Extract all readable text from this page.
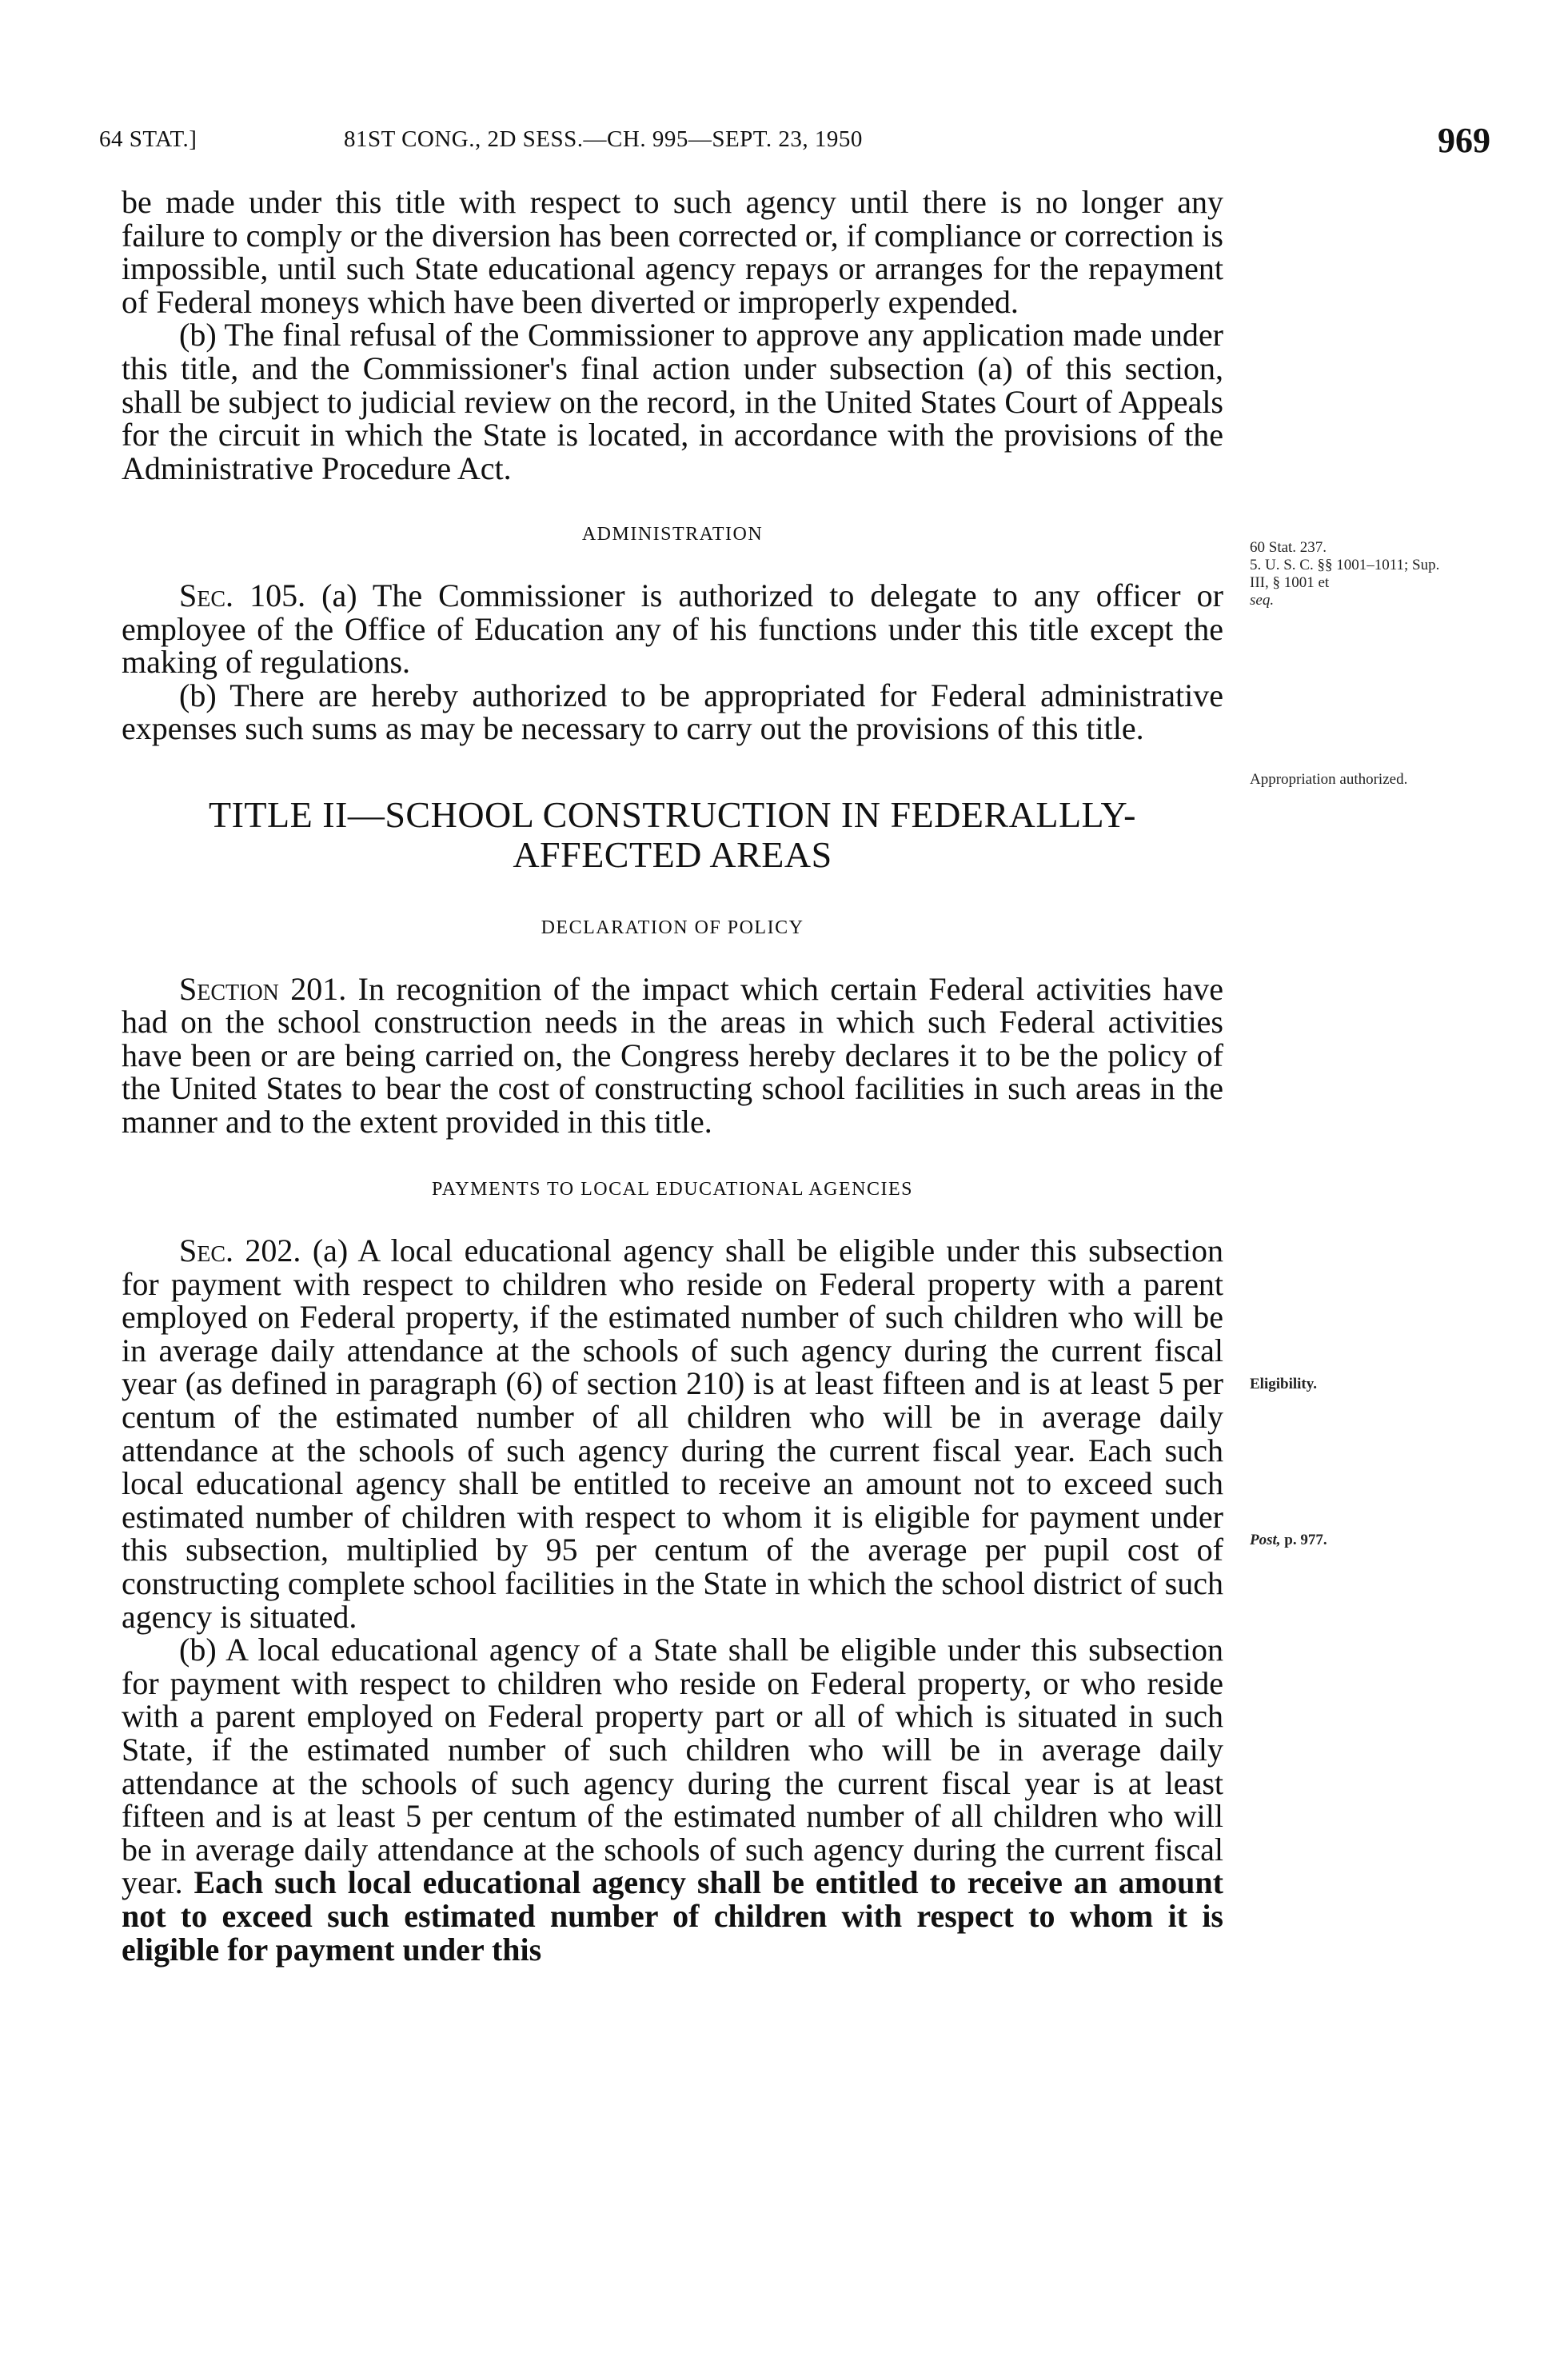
64 STAT.]	81ST CONG., 2D SESS.—CH. 995—SEPT. 23, 1950	969

be made under this title with respect to such agency until there is no longer any failure to comply or the diversion has been corrected or, if compliance or correction is impossible, until such State educational agency repays or arranges for the repayment of Federal moneys which have been diverted or improperly expended.

(b) The final refusal of the Commissioner to approve any application made under this title, and the Commissioner's final action under subsection (a) of this section, shall be subject to judicial review on the record, in the United States Court of Appeals for the circuit in which the State is located, in accordance with the provisions of the Administrative Procedure Act.

ADMINISTRATION

Sec. 105. (a) The Commissioner is authorized to delegate to any officer or employee of the Office of Education any of his functions under this title except the making of regulations.

(b) There are hereby authorized to be appropriated for Federal administrative expenses such sums as may be necessary to carry out the provisions of this title.

TITLE II—SCHOOL CONSTRUCTION IN FEDERALLLY-
AFFECTED AREAS
DECLARATION OF POLICY

Section 201. In recognition of the impact which certain Federal activities have had on the school construction needs in the areas in which such Federal activities have been or are being carried on, the Congress hereby declares it to be the policy of the United States to bear the cost of constructing school facilities in such areas in the manner and to the extent provided in this title.

PAYMENTS TO LOCAL EDUCATIONAL AGENCIES

Sec. 202. (a) A local educational agency shall be eligible under this subsection for payment with respect to children who reside on Federal property with a parent employed on Federal property, if the estimated number of such children who will be in average daily attendance at the schools of such agency during the current fiscal year (as defined in paragraph (6) of section 210) is at least fifteen and is at least 5 per centum of the estimated number of all children who will be in average daily attendance at the schools of such agency during the current fiscal year. Each such local educational agency shall be entitled to receive an amount not to exceed such estimated number of children with respect to whom it is eligible for payment under this subsection, multiplied by 95 per centum of the average per pupil cost of constructing complete school facilities in the State in which the school district of such agency is situated.

(b) A local educational agency of a State shall be eligible under this subsection for payment with respect to children who reside on Federal property, or who reside with a parent employed on Federal property part or all of which is situated in such State, if the estimated number of such children who will be in average daily attendance at the schools of such agency during the current fiscal year is at least fifteen and is at least 5 per centum of the estimated number of all children who will be in average daily attendance at the schools of such agency during the current fiscal year. Each such local educational agency shall be entitled to receive an amount not to exceed such estimated number of children with respect to whom it is eligible for payment under this

60 Stat. 237.
5. U. S. C. §§ 1001–1011; Sup. III, § 1001 et
seq.
Appropriation authorized.
Eligibility.
Post, p. 977.
